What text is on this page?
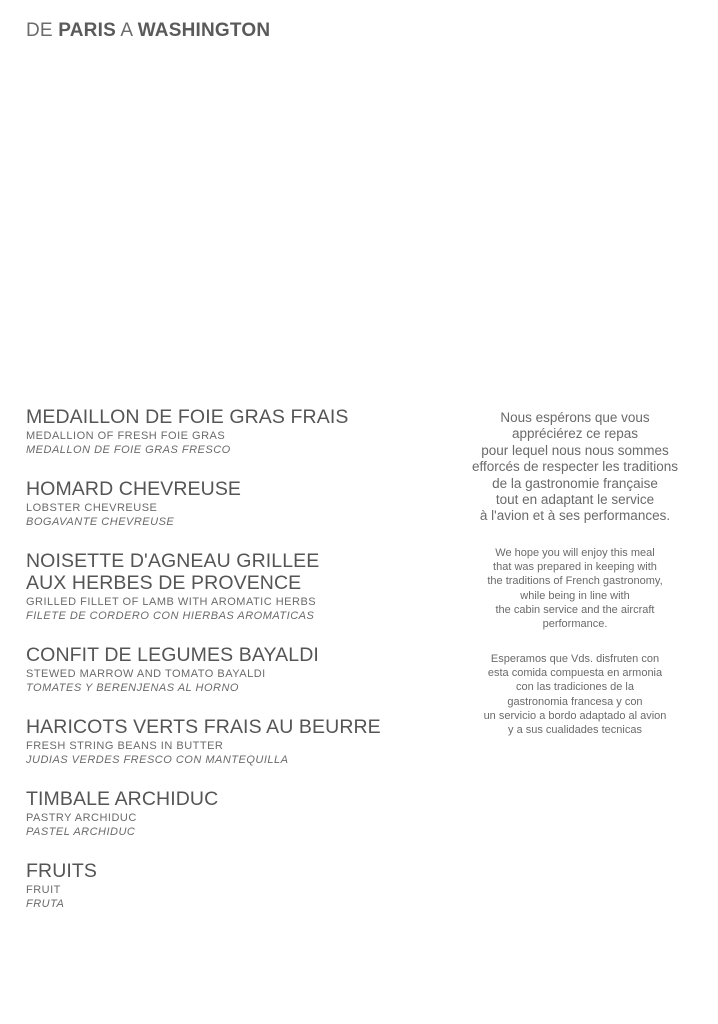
DE PARIS A WASHINGTON
MEDAILLON DE FOIE GRAS FRAIS
MEDALLION OF FRESH FOIE GRAS
MEDALLON DE FOIE GRAS FRESCO
HOMARD CHEVREUSE
LOBSTER CHEVREUSE
BOGAVANTE CHEVREUSE
NOISETTE D'AGNEAU GRILLEE
AUX HERBES DE PROVENCE
GRILLED FILLET OF LAMB WITH AROMATIC HERBS
FILETE DE CORDERO CON HIERBAS AROMATICAS
CONFIT DE LEGUMES BAYALDI
STEWED MARROW AND TOMATO BAYALDI
TOMATES Y BERENJENAS AL HORNO
HARICOTS VERTS FRAIS AU BEURRE
FRESH STRING BEANS IN BUTTER
JUDIAS VERDES FRESCO CON MANTEQUILLA
TIMBALE ARCHIDUC
PASTRY ARCHIDUC
PASTEL ARCHIDUC
FRUITS
FRUIT
FRUTA
Nous espérons que vous
appréciérez ce repas
pour lequel nous nous sommes
efforcés de respecter les traditions
de la gastronomie française
tout en adaptant le service
à l'avion et à ses performances.
We hope you will enjoy this meal
that was prepared in keeping with
the traditions of French gastronomy,
while being in line with
the cabin service and the aircraft
performance.
Esperamos que Vds. disfruten con
esta comida compuesta en armonia
con las tradiciones de la
gastronomia francesa y con
un servicio a bordo adaptado al avion
y a sus cualidades tecnicas
